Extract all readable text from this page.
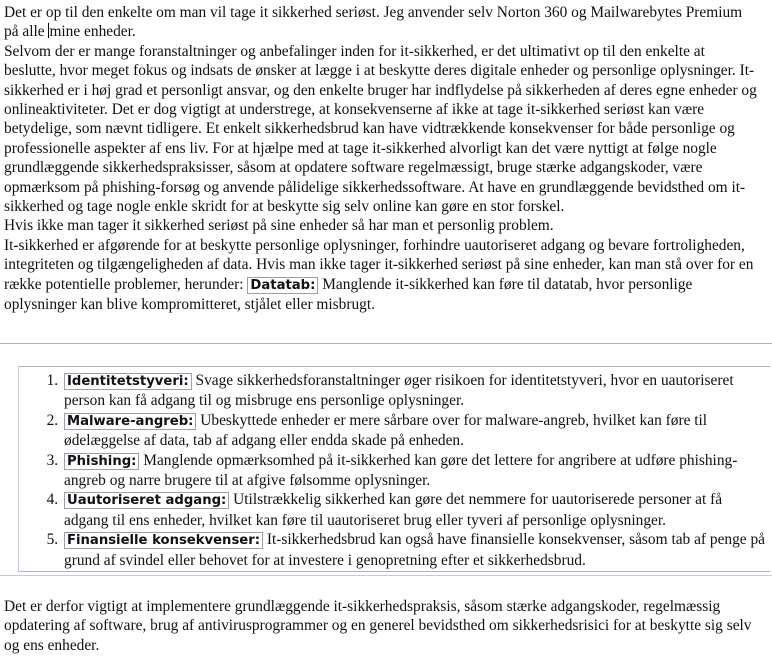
Det er op til den enkelte om man vil tage it sikkerhed seriøst. Jeg anvender selv Norton 360 og Mailwarebytes Premium på alle mine enheder.

Selvom der er mange foranstaltninger og anbefalinger inden for it-sikkerhed, er det ultimativt op til den enkelte at beslutte, hvor meget fokus og indsats de ønsker at lægge i at beskytte deres digitale enheder og personlige oplysninger. It-sikkerhed er i høj grad et personligt ansvar, og den enkelte bruger har indflydelse på sikkerheden af deres egne enheder og onlineaktiviteter. Det er dog vigtigt at understrege, at konsekvenserne af ikke at tage it-sikkerhed seriøst kan være betydelige, som nævnt tidligere. Et enkelt sikkerhedsbrud kan have vidtrækkende konsekvenser for både personlige og professionelle aspekter af ens liv. For at hjælpe med at tage it-sikkerhed alvorligt kan det være nyttigt at følge nogle grundlæggende sikkerhedspraksisser, såsom at opdatere software regelmæssigt, bruge stærke adgangskoder, være opmærksom på phishing-forsøg og anvende pålidelige sikkerhedssoftware. At have en grundlæggende bevidsthed om it-sikkerhed og tage nogle enkle skridt for at beskytte sig selv online kan gøre en stor forskel.

Hvis ikke man tager it sikkerhed seriøst på sine enheder så har man et personlig problem.

It-sikkerhed er afgørende for at beskytte personlige oplysninger, forhindre uautoriseret adgang og bevare fortroligheden, integriteten og tilgængeligheden af data. Hvis man ikke tager it-sikkerhed seriøst på sine enheder, kan man stå over for en række potentielle problemer, herunder: Datatab: Manglende it-sikkerhed kan føre til datatab, hvor personlige oplysninger kan blive kompromitteret, stjålet eller misbrugt.

1. Identitetstyveri: Svage sikkerhedsforanstaltninger øger risikoen for identitetstyveri, hvor en uautoriseret person kan få adgang til og misbruge ens personlige oplysninger.
2. Malware-angreb: Ubeskyttede enheder er mere sårbare over for malware-angreb, hvilket kan føre til ødelæggelse af data, tab af adgang eller endda skade på enheden.
3. Phishing: Manglende opmærksomhed på it-sikkerhed kan gøre det lettere for angribere at udføre phishing-angreb og narre brugere til at afgive følsomme oplysninger.
4. Uautoriseret adgang: Utilstrækkelig sikkerhed kan gøre det nemmere for uautoriserede personer at få adgang til ens enheder, hvilket kan føre til uautoriseret brug eller tyveri af personlige oplysninger.
5. Finansielle konsekvenser: It-sikkerhedsbrud kan også have finansielle konsekvenser, såsom tab af penge på grund af svindel eller behovet for at investere i genopretning efter et sikkerhedsbrud.

Det er derfor vigtigt at implementere grundlæggende it-sikkerhedspraksis, såsom stærke adgangskoder, regelmæssig opdatering af software, brug af antivirusprogrammer og en generel bevidsthed om sikkerhedsrisici for at beskytte sig selv og ens enheder.
